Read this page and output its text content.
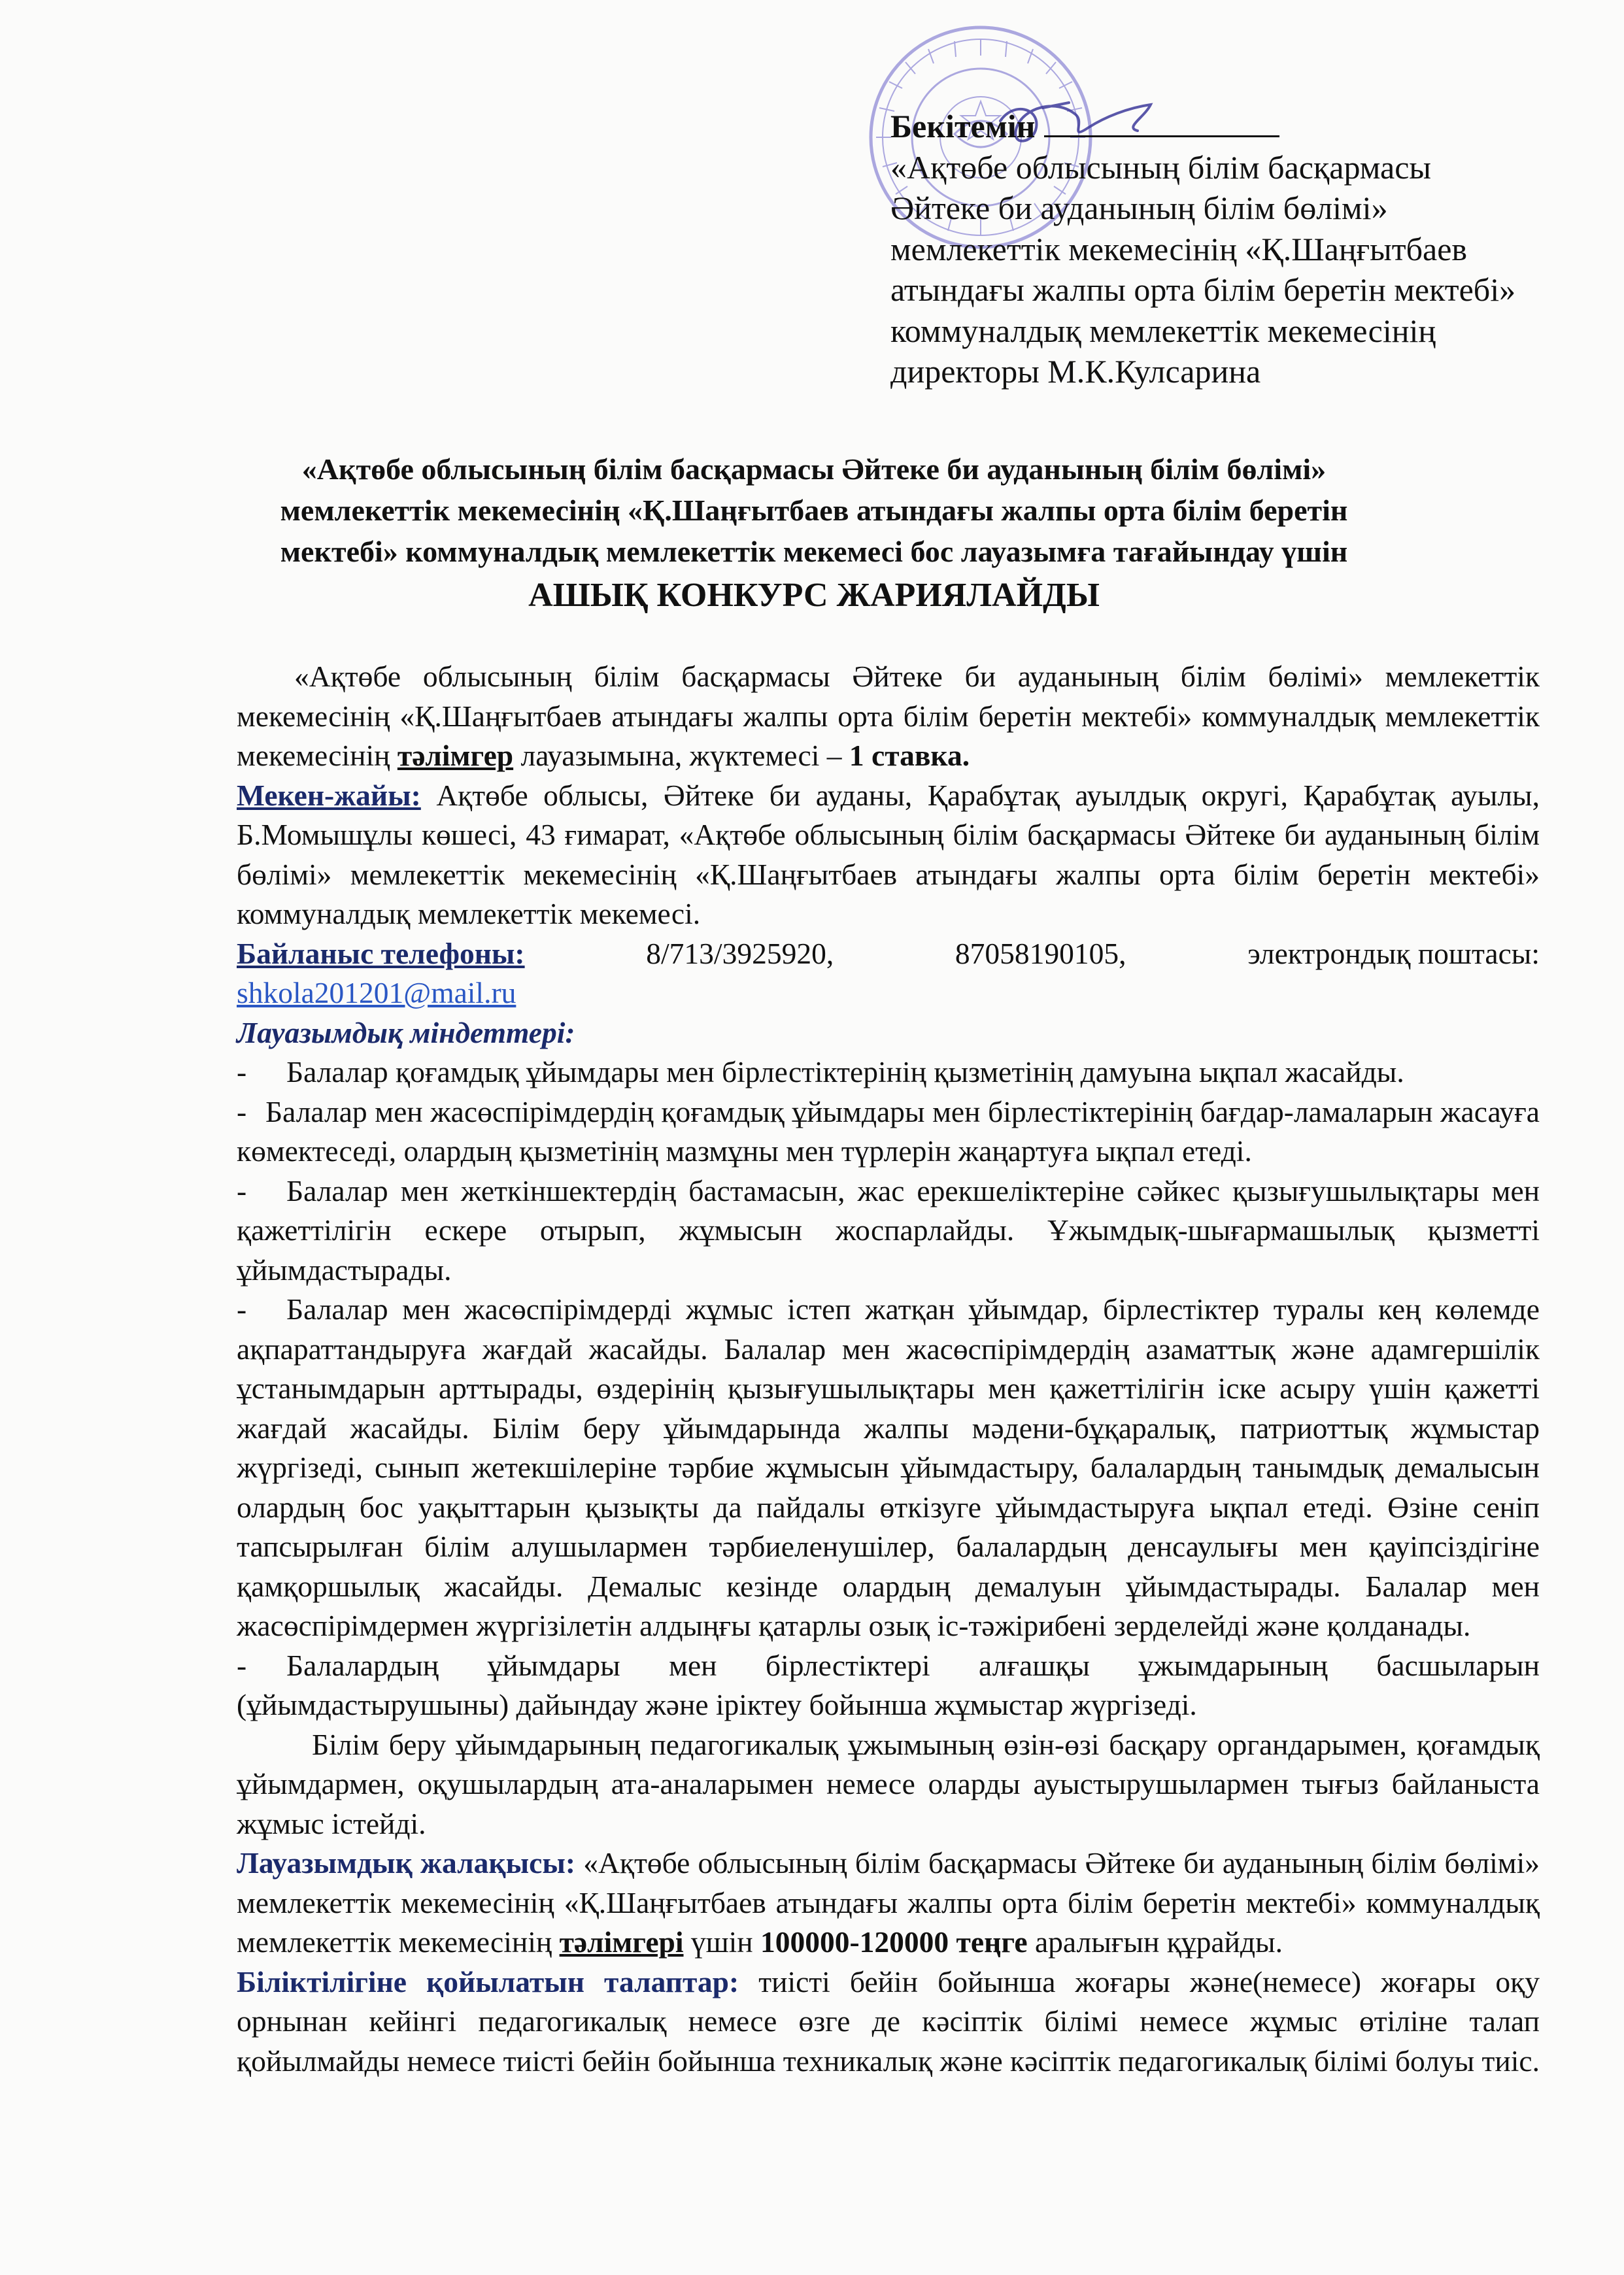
Бекітемін
«Ақтөбе облысының білім басқармасы
Әйтеке би ауданының білім бөлімі»
мемлекеттік мекемесінің «Қ.Шаңғытбаев
атындағы жалпы орта білім беретін мектебі»
коммуналдық мемлекеттік мекемесінің
директоры М.К.Кулсарина
«Ақтөбе облысының білім басқармасы Әйтеке би ауданының білім бөлімі»
мемлекеттік мекемесінің «Қ.Шаңғытбаев атындағы жалпы орта білім беретін
мектебі» коммуналдық мемлекеттік мекемесі бос лауазымға тағайындау үшін
АШЫҚ КОНКУРС ЖАРИЯЛАЙДЫ

«Ақтөбе облысының білім басқармасы Әйтеке би ауданының білім бөлімі» мемлекеттік мекемесінің «Қ.Шаңғытбаев атындағы жалпы орта білім беретін мектебі» коммуналдық мемлекеттік мекемесінің тәлімгер лауазымына, жүктемесі – 1 ставка.

Мекен-жайы: Ақтөбе облысы, Әйтеке би ауданы, Қарабұтақ ауылдық округі, Қарабұтақ ауылы, Б.Момышұлы көшесі, 43 ғимарат, «Ақтөбе облысының білім басқармасы Әйтеке би ауданының білім бөлімі» мемлекеттік мекемесінің «Қ.Шаңғытбаев атындағы жалпы орта білім беретін мектебі» коммуналдық мемлекеттік мекемесі.

Байланыс телефоны:	8/713/3925920,	87058190105,	электрондық поштасы:
shkola201201@mail.ru

Лауазымдық міндеттері:

- Балалар қоғамдық ұйымдары мен бірлестіктерінің қызметінің дамуына ықпал жасайды.

- Балалар мен жасөспірімдердің қоғамдық ұйымдары мен бірлестіктерінің бағдар-ламаларын жасауға көмектеседі, олардың қызметінің мазмұны мен түрлерін жаңартуға ықпал етеді.

- Балалар мен жеткіншектердің бастамасын, жас ерекшеліктеріне сәйкес қызығушылықтары мен қажеттілігін ескере отырып, жұмысын жоспарлайды. Ұжымдық-шығармашылық қызметті ұйымдастырады.

- Балалар мен жасөспірімдерді жұмыс істеп жатқан ұйымдар, бірлестіктер туралы кең көлемде ақпараттандыруға жағдай жасайды. Балалар мен жасөспірімдердің азаматтық және адамгершілік ұстанымдарын арттырады, өздерінің қызығушылықтары мен қажеттілігін іске асыру үшін қажетті жағдай жасайды. Білім беру ұйымдарында жалпы мәдени-бұқаралық, патриоттық жұмыстар жүргізеді, сынып жетекшілеріне тәрбие жұмысын ұйымдастыру, балалардың танымдық демалысын олардың бос уақыттарын қызықты да пайдалы өткізуге ұйымдастыруға ықпал етеді. Өзіне сеніп тапсырылған білім алушылармен тәрбиеленушілер, балалардың денсаулығы мен қауіпсіздігіне қамқоршылық жасайды. Демалыс кезінде олардың демалуын ұйымдастырады. Балалар мен жасөспірімдермен жүргізілетін алдыңғы қатарлы озық іс-тәжірибені зерделейді және қолданады.

- Балалардың ұйымдары мен бірлестіктері алғашқы ұжымдарының басшыларын (ұйымдастырушыны) дайындау және іріктеу бойынша жұмыстар жүргізеді.

Білім беру ұйымдарының педагогикалық ұжымының өзін-өзі басқару органдарымен, қоғамдық ұйымдармен, оқушылардың ата-аналарымен немесе оларды ауыстырушылармен тығыз байланыста жұмыс істейді.

Лауазымдық жалақысы: «Ақтөбе облысының білім басқармасы Әйтеке би ауданының білім бөлімі» мемлекеттік мекемесінің «Қ.Шаңғытбаев атындағы жалпы орта білім беретін мектебі» коммуналдық мемлекеттік мекемесінің тәлімгері үшін 100000-120000 теңге аралығын құрайды.

Біліктілігіне қойылатын талаптар: тиісті бейін бойынша жоғары және(немесе) жоғары оқу орнынан кейінгі педагогикалық немесе өзге де кәсіптік білімі немесе жұмыс өтіліне талап қойылмайды немесе тиісті бейін бойынша техникалық және кәсіптік педагогикалық білімі болуы тиіс.
